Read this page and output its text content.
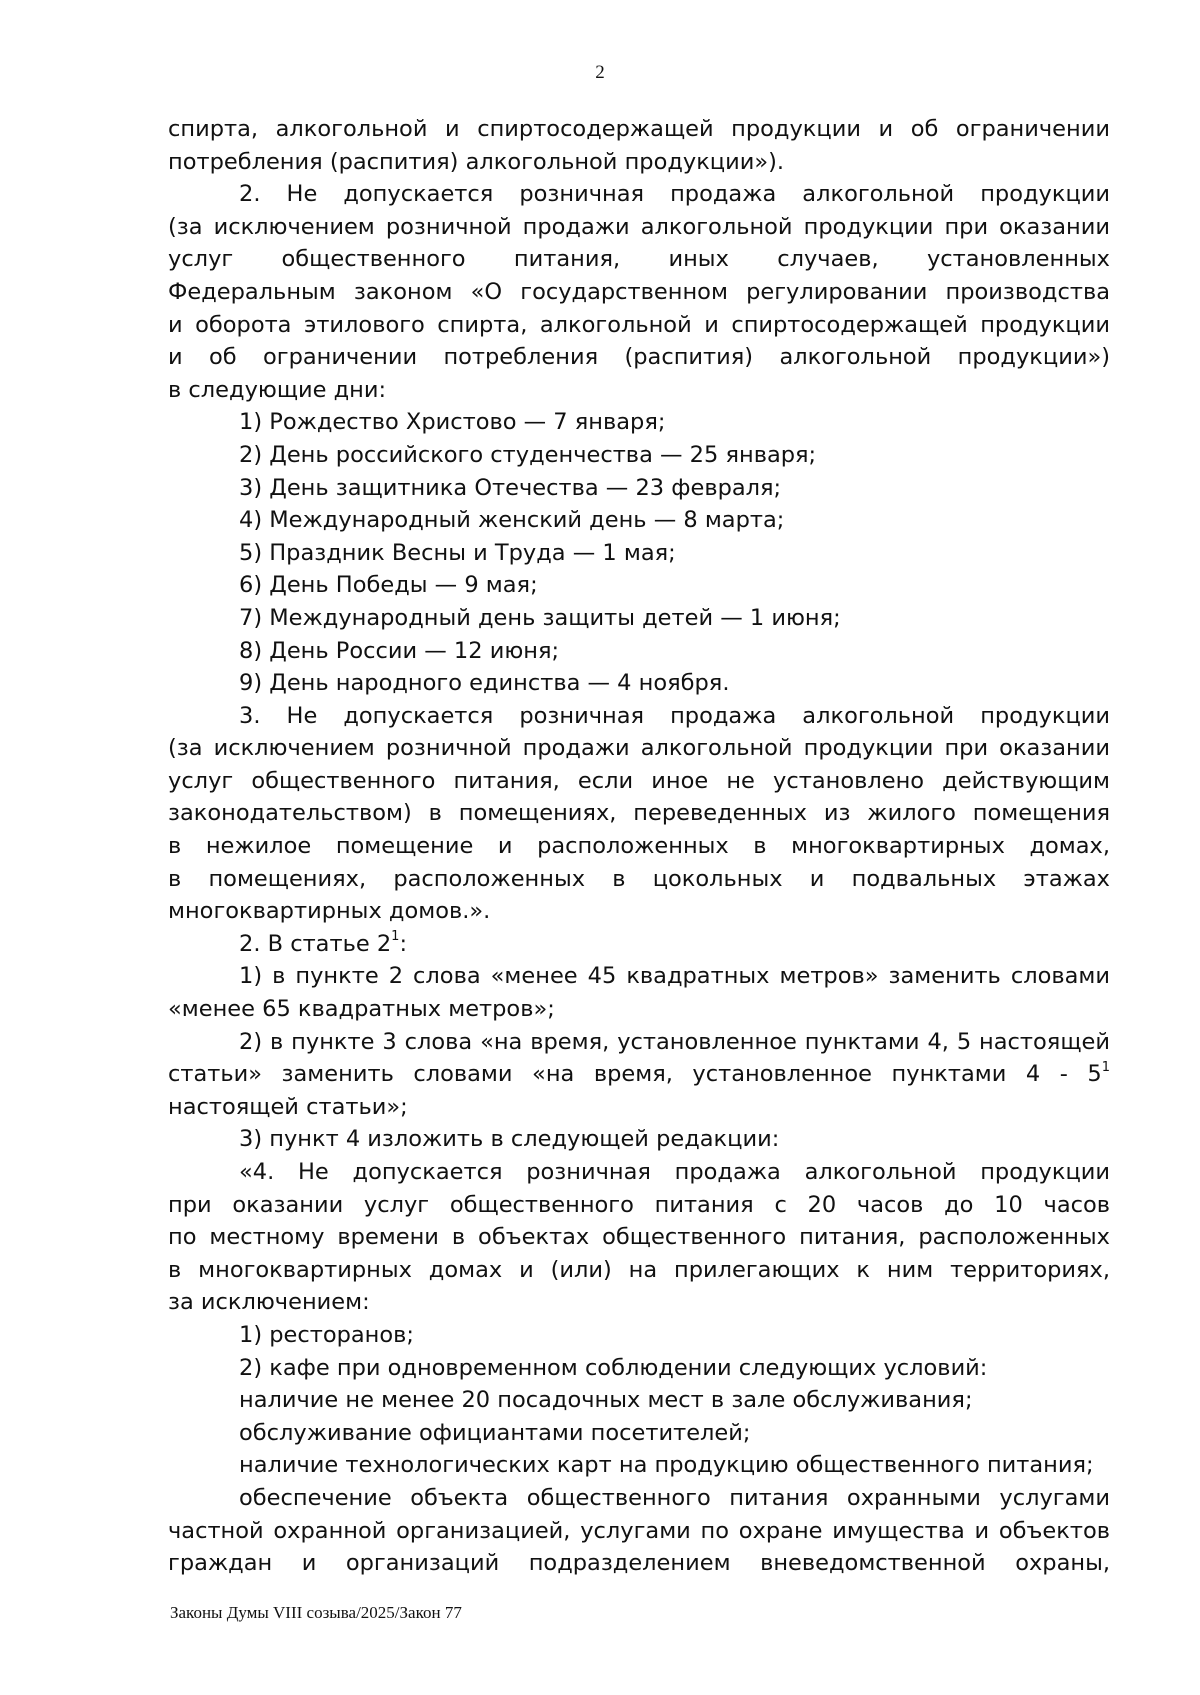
2
спирта, алкогольной и спиртосодержащей продукции и об ограничении
потребления (распития) алкогольной продукции»).
2. Не допускается розничная продажа алкогольной продукции
(за исключением розничной продажи алкогольной продукции при оказании
услуг общественного питания, иных случаев, установленных
Федеральным законом «О государственном регулировании производства
и оборота этилового спирта, алкогольной и спиртосодержащей продукции
и об ограничении потребления (распития) алкогольной продукции»)
в следующие дни:
1) Рождество Христово — 7 января;
2) День российского студенчества — 25 января;
3) День защитника Отечества — 23 февраля;
4) Международный женский день — 8 марта;
5) Праздник Весны и Труда — 1 мая;
6) День Победы — 9 мая;
7) Международный день защиты детей — 1 июня;
8) День России — 12 июня;
9) День народного единства — 4 ноября.
3. Не допускается розничная продажа алкогольной продукции
(за исключением розничной продажи алкогольной продукции при оказании
услуг общественного питания, если иное не установлено действующим
законодательством) в помещениях, переведенных из жилого помещения
в нежилое помещение и расположенных в многоквартирных домах,
в помещениях, расположенных в цокольных и подвальных этажах
многоквартирных домов.».
2. В статье $2^1$:
1) в пункте 2 слова «менее 45 квадратных метров» заменить словами
«менее 65 квадратных метров»;
2) в пункте 3 слова «на время, установленное пунктами 4, 5 настоящей
статьи» заменить словами «на время, установленное пунктами $4 - 5^1$
настоящей статьи»;
3) пункт 4 изложить в следующей редакции:
«4. Не допускается розничная продажа алкогольной продукции
при оказании услуг общественного питания с 20 часов до 10 часов
по местному времени в объектах общественного питания, расположенных
в многоквартирных домах и (или) на прилегающих к ним территориях,
за исключением:
1) ресторанов;
2) кафе при одновременном соблюдении следующих условий:
наличие не менее 20 посадочных мест в зале обслуживания;
обслуживание официантами посетителей;
наличие технологических карт на продукцию общественного питания;
обеспечение объекта общественного питания охранными услугами
частной охранной организацией, услугами по охране имущества и объектов
граждан и организаций подразделением вневедомственной охраны,
Законы Думы VIII созыва/2025/Закон 77
